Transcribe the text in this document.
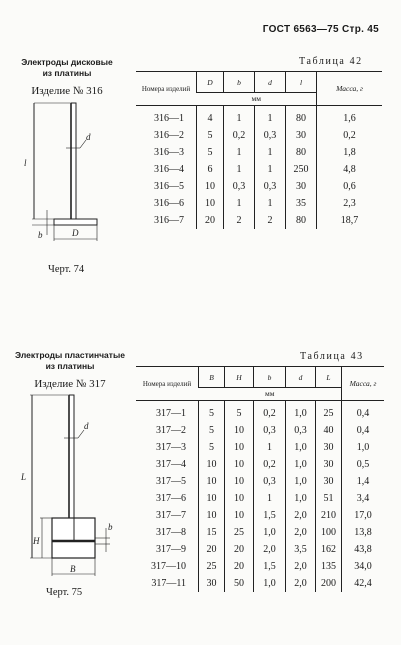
ГОСТ 6563—75 Стр. 45
Электроды дисковые
из платины
Изделие № 316
l
d
b	D
Черт. 74
Таблица 42
Номера изделий	D	b	d	l	Масса, г
	мм				
316—1	4	1	1	80	1,6
316—2	5	0,2	0,3	30	0,2
316—3	5	1	1	80	1,8
316—4	6	1	1	250	4,8
316—5	10	0,3	0,3	30	0,6
316—6	10	1	1	35	2,3
316—7	20	2	2	80	18,7
Электроды пластинчатые
из платины
Изделие № 317
L
d
H
b
B
Черт. 75
Таблица 43
Номера изделий	B	H	b	d	L	Масса, г
	мм					
317—1	5	5	0,2	1,0	25	0,4
317—2	5	10	0,3	0,3	40	0,4
317—3	5	10	1	1,0	30	1,0
317—4	10	10	0,2	1,0	30	0,5
317—5	10	10	0,3	1,0	30	1,4
317—6	10	10	1	1,0	51	3,4
317—7	10	10	1,5	2,0	210	17,0
317—8	15	25	1,0	2,0	100	13,8
317—9	20	20	2,0	3,5	162	43,8
317—10	25	20	1,5	2,0	135	34,0
317—11	30	50	1,0	2,0	200	42,4
